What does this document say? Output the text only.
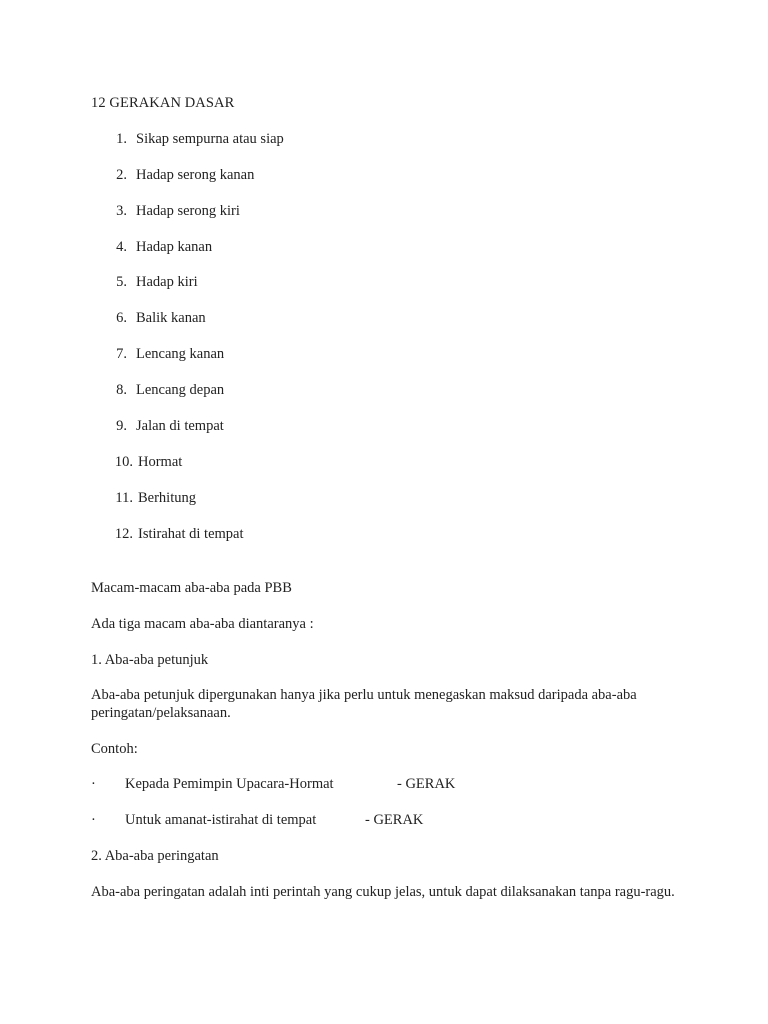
12 GERAKAN DASAR
1. Sikap sempurna atau siap
2. Hadap serong kanan
3. Hadap serong kiri
4. Hadap kanan
5. Hadap kiri
6. Balik kanan
7. Lencang kanan
8. Lencang depan
9. Jalan di tempat
10. Hormat
11. Berhitung
12. Istirahat di tempat
Macam-macam aba-aba pada PBB
Ada tiga macam aba-aba diantaranya :
1. Aba-aba petunjuk
Aba-aba petunjuk dipergunakan hanya jika perlu untuk menegaskan maksud daripada aba-aba peringatan/pelaksanaan.
Contoh:
· Kepada Pemimpin Upacara-Hormat	- GERAK
· Untuk amanat-istirahat di tempat	- GERAK
2. Aba-aba peringatan
Aba-aba peringatan adalah inti perintah yang cukup jelas, untuk dapat dilaksanakan tanpa ragu-ragu.
